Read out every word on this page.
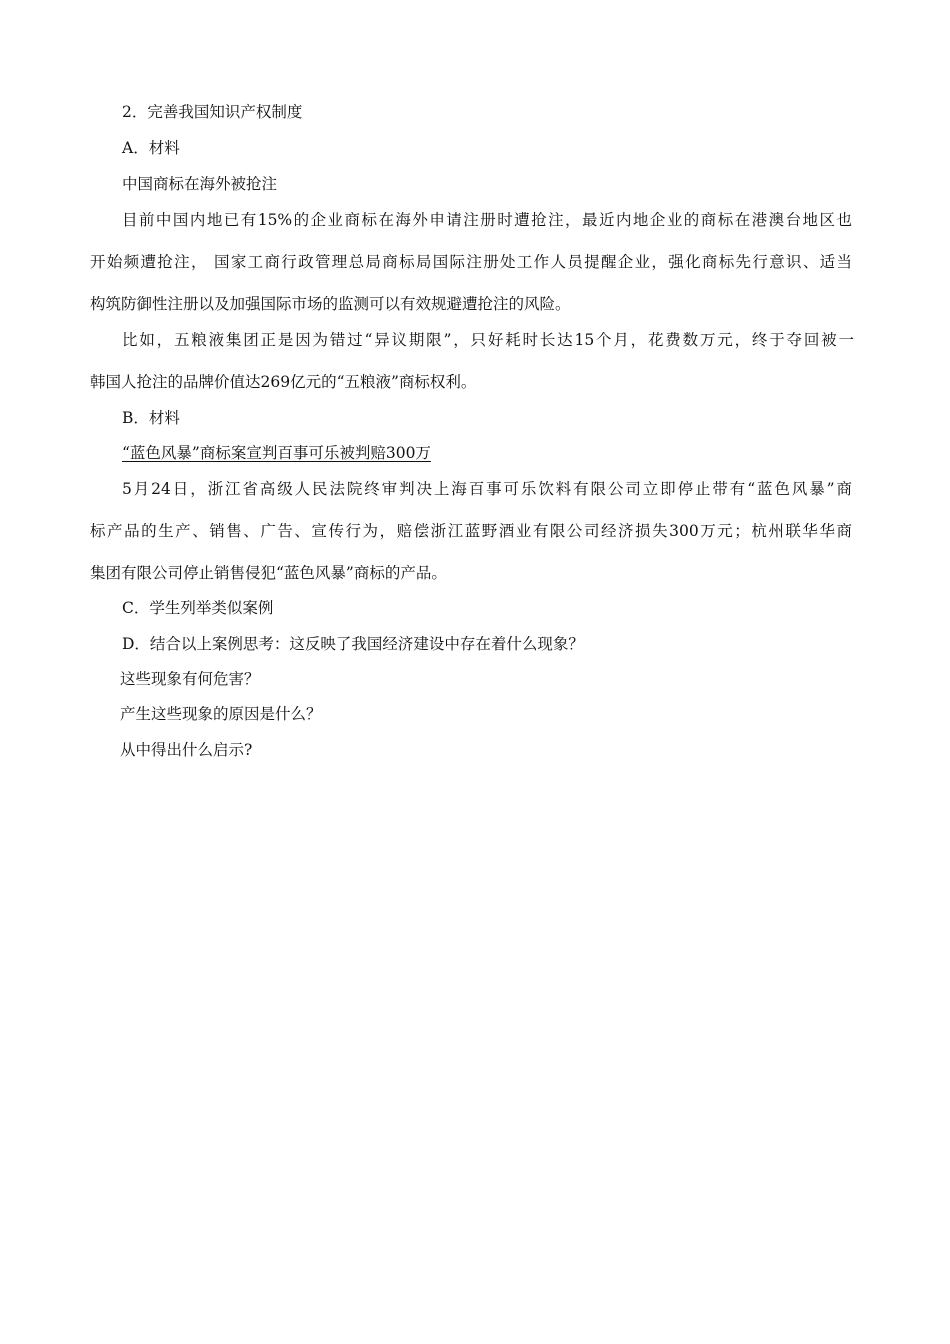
2．完善我国知识产权制度
A．材料
中国商标在海外被抢注
目前中国内地已有15%的企业商标在海外申请注册时遭抢注，最近内地企业的商标在港澳台地区也
开始频遭抢注， 国家工商行政管理总局商标局国际注册处工作人员提醒企业，强化商标先行意识、适当
构筑防御性注册以及加强国际市场的监测可以有效规避遭抢注的风险。
比如，五粮液集团正是因为错过“异议期限”，只好耗时长达15个月，花费数万元，终于夺回被一
韩国人抢注的品牌价值达269亿元的“五粮液”商标权利。
B．材料
“蓝色风暴”商标案宣判百事可乐被判赔300万
5月24日，浙江省高级人民法院终审判决上海百事可乐饮料有限公司立即停止带有“蓝色风暴”商
标产品的生产、销售、广告、宣传行为，赔偿浙江蓝野酒业有限公司经济损失300万元；杭州联华华商
集团有限公司停止销售侵犯“蓝色风暴”商标的产品。
C．学生列举类似案例
D．结合以上案例思考：这反映了我国经济建设中存在着什么现象？
这些现象有何危害？
产生这些现象的原因是什么？
从中得出什么启示?
